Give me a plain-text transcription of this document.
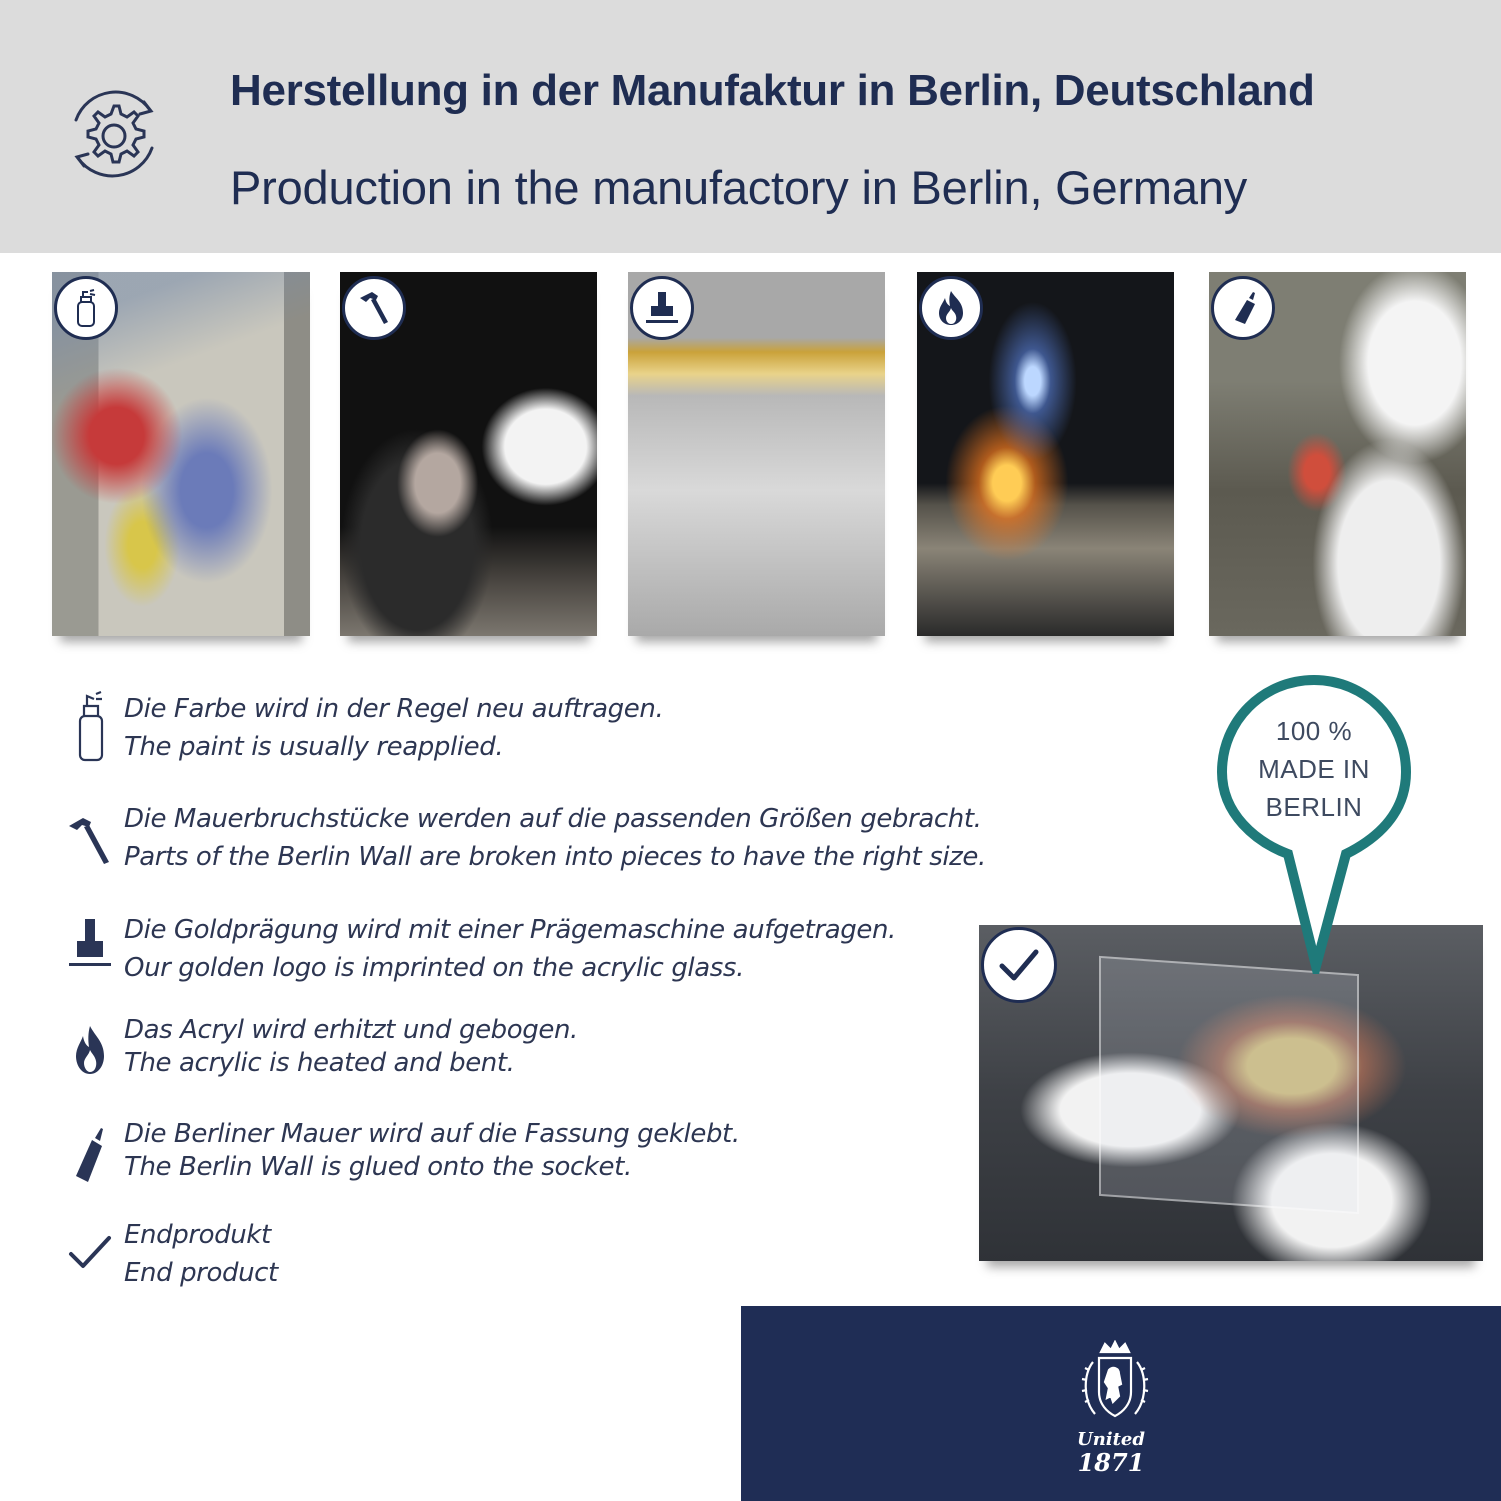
Herstellung in der Manufaktur in Berlin, Deutschland
Production in the manufactory in Berlin, Germany
Die Farbe wird in der Regel neu auftragen.
The paint is usually reapplied.
Die Mauerbruchstücke werden auf die passenden Größen gebracht.
Parts of the Berlin Wall are broken into pieces to have the right size.
Die Goldprägung wird mit einer Prägemaschine aufgetragen.
Our golden logo is imprinted on the acrylic glass.
Das Acryl wird erhitzt und gebogen.
The acrylic is heated and bent.
Die Berliner Mauer wird auf die Fassung geklebt.
The Berlin Wall is glued onto the socket.
Endprodukt
End product
100 %
MADE IN
BERLIN
United
1871
